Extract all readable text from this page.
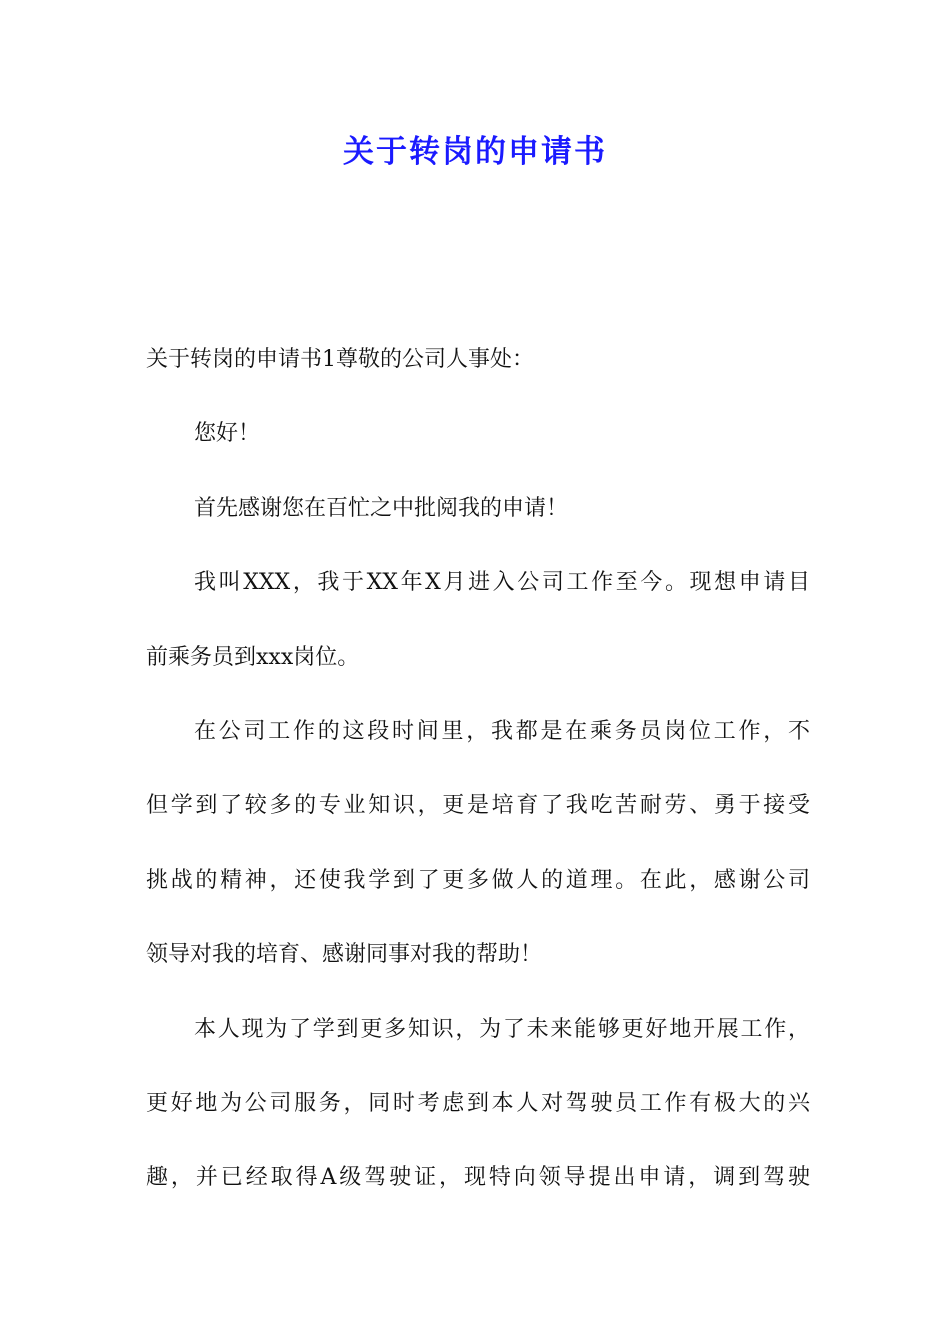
关于转岗的申请书
关于转岗的申请书1尊敬的公司人事处：
您好！
首先感谢您在百忙之中批阅我的申请！
我叫XXX，我于XX年X月进入公司工作至今。现想申请目
前乘务员到xxx岗位。
在公司工作的这段时间里，我都是在乘务员岗位工作，不
但学到了较多的专业知识，更是培育了我吃苦耐劳、勇于接受
挑战的精神，还使我学到了更多做人的道理。在此，感谢公司
领导对我的培育、感谢同事对我的帮助！
本人现为了学到更多知识，为了未来能够更好地开展工作，
更好地为公司服务，同时考虑到本人对驾驶员工作有极大的兴
趣，并已经取得A级驾驶证，现特向领导提出申请，调到驾驶
